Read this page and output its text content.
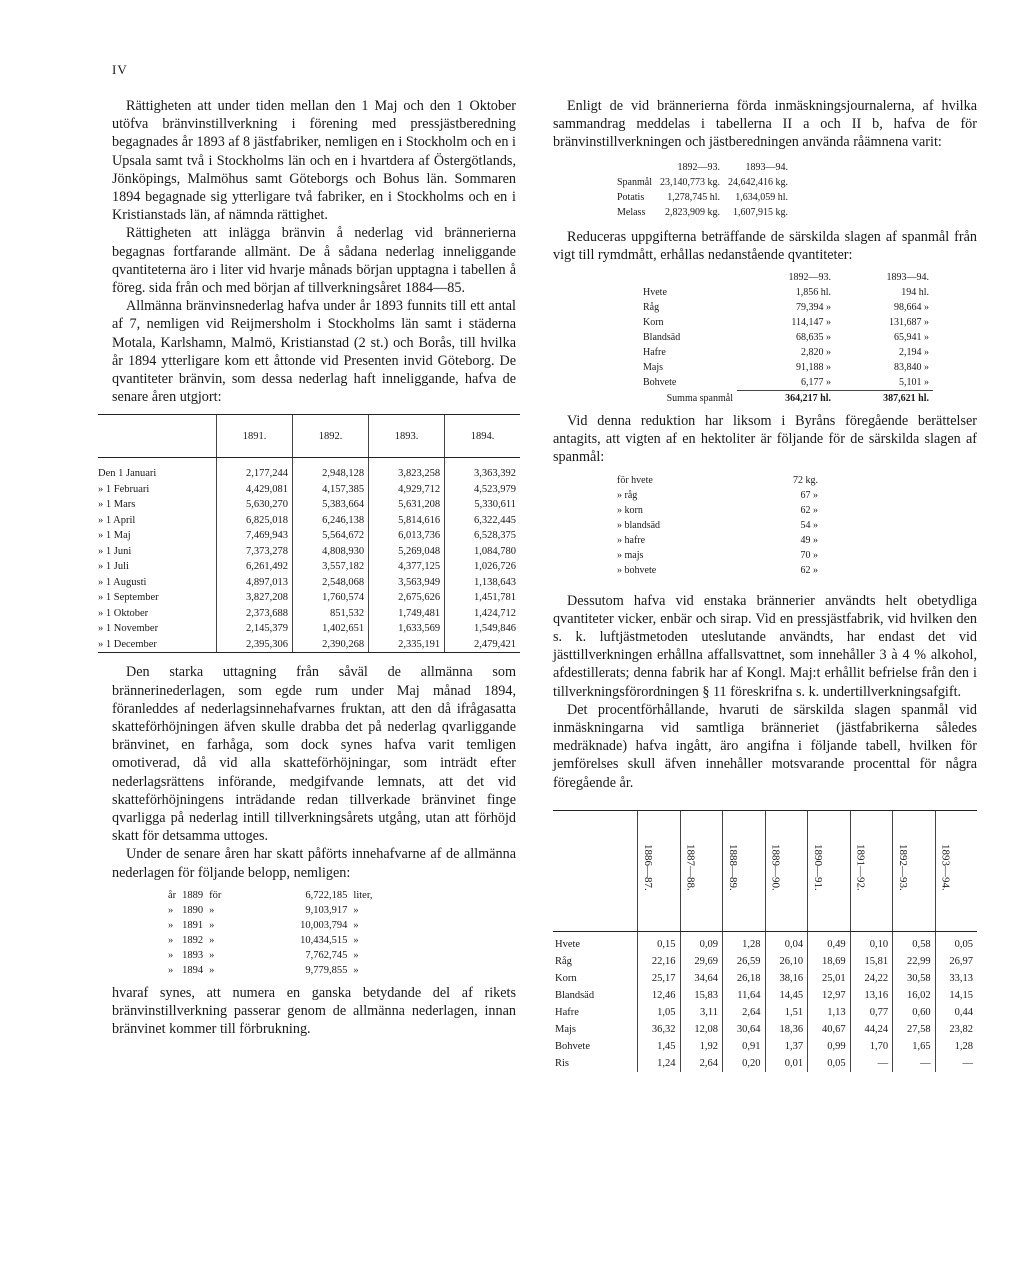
IV

Rättigheten att under tiden mellan den 1 Maj och den 1 Oktober utöfva bränvinstillverkning i förening med pressjästberedning begagnades år 1893 af 8 jästfabriker, nemligen en i Stockholm och en i Upsala samt två i Stockholms län och en i hvartdera af Östergötlands, Jönköpings, Malmöhus samt Göteborgs och Bohus län. Sommaren 1894 begagnade sig ytterligare två fabriker, en i Stockholms och en i Kristianstads län, af nämnda rättighet.

Rättigheten att inlägga bränvin å nederlag vid brännerierna begagnas fortfarande allmänt. De å sådana nederlag inneliggande qvantiteterna äro i liter vid hvarje månads början upptagna i tabellen å föreg. sida från och med början af tillverkningsåret 1884—85.

Allmänna bränvinsnederlag hafva under år 1893 funnits till ett antal af 7, nemligen vid Reijmersholm i Stockholms län samt i städerna Motala, Karlshamn, Malmö, Kristianstad (2 st.) och Borås, till hvilka år 1894 ytterligare kom ett åttonde vid Presenten invid Göteborg. De qvantiteter bränvin, som dessa nederlag haft inneliggande, hafva de senare åren utgjort:

	1891.	1892.	1893.	1894.
Den 1 Januari	2,177,244	2,948,128	3,823,258	3,363,392
» 1 Februari	4,429,081	4,157,385	4,929,712	4,523,979
» 1 Mars	5,630,270	5,383,664	5,631,208	5,330,611
» 1 April	6,825,018	6,246,138	5,814,616	6,322,445
» 1 Maj	7,469,943	5,564,672	6,013,736	6,528,375
» 1 Juni	7,373,278	4,808,930	5,269,048	1,084,780
» 1 Juli	6,261,492	3,557,182	4,377,125	1,026,726
» 1 Augusti	4,897,013	2,548,068	3,563,949	1,138,643
» 1 September	3,827,208	1,760,574	2,675,626	1,451,781
» 1 Oktober	2,373,688	851,532	1,749,481	1,424,712
» 1 November	2,145,379	1,402,651	1,633,569	1,549,846
» 1 December	2,395,306	2,390,268	2,335,191	2,479,421

Den starka uttagning från såväl de allmänna som brännerinederlagen, som egde rum under Maj månad 1894, föranleddes af nederlagsinnehafvarnes fruktan, att den då ifrågasatta skatteförhöjningen äfven skulle drabba det på nederlag qvarliggande bränvinet, en farhåga, som dock synes hafva varit temligen omotiverad, då vid alla skatteförhöjningar, som inträdt efter nederlagsrättens införande, medgifvande lemnats, att det vid skatteförhöjningens inträdande redan tillverkade bränvinet finge qvarligga på nederlag intill tillverkningsårets utgång, utan att förhöjd skatt för detsamma uttoges.

Under de senare åren har skatt påförts innehafvarne af de allmänna nederlagen för följande belopp, nemligen:

år	1889	för	6,722,185	liter,
»	1890	»	9,103,917	»
»	1891	»	10,003,794	»
»	1892	»	10,434,515	»
»	1893	»	7,762,745	»
»	1894	»	9,779,855	»

hvaraf synes, att numera en ganska betydande del af rikets bränvinstillverkning passerar genom de allmänna nederlagen, innan bränvinet kommer till förbrukning.

Enligt de vid brännerierna förda inmäskningsjournalerna, af hvilka sammandrag meddelas i tabellerna II a och II b, hafva de för bränvinstillverkningen och jästberedningen använda råämnena varit:

	1892—93.	1893—94.
Spanmål	23,140,773 kg.	24,642,416 kg.
Potatis	1,278,745 hl.	1,634,059 hl.
Melass	2,823,909 kg.	1,607,915 kg.

Reduceras uppgifterna beträffande de särskilda slagen af spanmål från vigt till rymdmått, erhållas nedanstående qvantiteter:

	1892—93.	1893—94.
Hvete	1,856 hl.	194 hl.
Råg	79,394 »	98,664 »
Korn	114,147 »	131,687 »
Blandsäd	68,635 »	65,941 »
Hafre	2,820 »	2,194 »
Majs	91,188 »	83,840 »
Bohvete	6,177 »	5,101 »
Summa spanmål	364,217 hl.	387,621 hl.

Vid denna reduktion har liksom i Byråns föregående berättelser antagits, att vigten af en hektoliter är följande för de särskilda slagen af spanmål:

för hvete	72 kg.
» råg	67 »
» korn	62 »
» blandsäd	54 »
» hafre	49 »
» majs	70 »
» bohvete	62 »

Dessutom hafva vid enstaka brännerier användts helt obetydliga qvantiteter vicker, enbär och sirap. Vid en pressjästfabrik, vid hvilken den s. k. luftjästmetoden uteslutande användts, har endast det vid jästtillverkningen erhållna affallsvattnet, som innehåller 3 à 4 % alkohol, afdestillerats; denna fabrik har af Kongl. Maj:t erhållit befrielse från den i tillverkningsförordningen § 11 föreskrifna s. k. undertillverkningsafgift.

Det procentförhållande, hvaruti de särskilda slagen spanmål vid inmäskningarna vid samtliga bränneriet (jästfabrikerna således medräknade) hafva ingått, äro angifna i följande tabell, hvilken för jemförelses skull äfven innehåller motsvarande procenttal för några föregående år.

	1886—87.	1887—88.	1888—89.	1889—90.	1890—91.	1891—92.	1892—93.	1893—94.
Hvete	0,15	0,09	1,28	0,04	0,49	0,10	0,58	0,05
Råg	22,16	29,69	26,59	26,10	18,69	15,81	22,99	26,97
Korn	25,17	34,64	26,18	38,16	25,01	24,22	30,58	33,13
Blandsäd	12,46	15,83	11,64	14,45	12,97	13,16	16,02	14,15
Hafre	1,05	3,11	2,64	1,51	1,13	0,77	0,60	0,44
Majs	36,32	12,08	30,64	18,36	40,67	44,24	27,58	23,82
Bohvete	1,45	1,92	0,91	1,37	0,99	1,70	1,65	1,28
Ris	1,24	2,64	0,20	0,01	0,05	—	—	—
